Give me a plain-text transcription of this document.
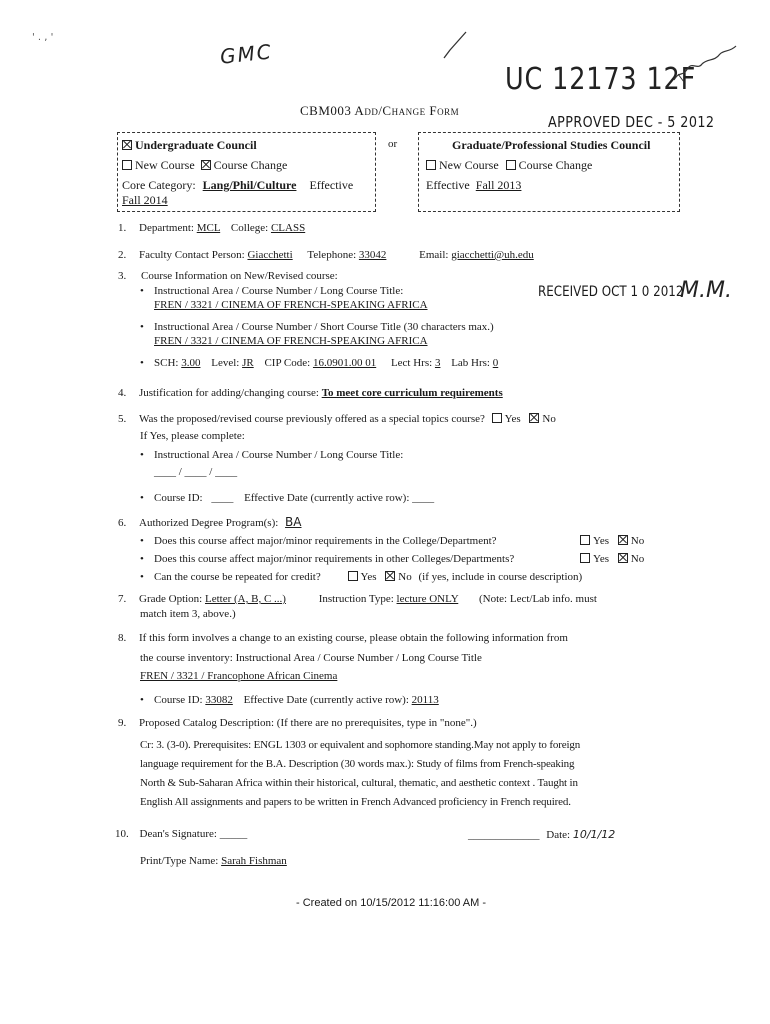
GMC
' . , '
UC 12173 12F
CBM003 Add/Change Form
APPROVED DEC - 5 2012
Undergraduate Council
New Course Course Change
Core Category: Lang/Phil/Culture Effective
Fall 2014
or	Graduate/Professional Studies Council
New Course Course Change
Effective Fall 2013
1. Department: MCL College: CLASS
2. Faculty Contact Person: Giacchetti Telephone: 33042	Email: giacchetti@uh.edu
3. Course Information on New/Revised course:
• Instructional Area / Course Number / Long Course Title:
FREN / 3321 / CINEMA OF FRENCH-SPEAKING AFRICA
RECEIVED OCT 1 0 2012
M.M.
• Instructional Area / Course Number / Short Course Title (30 characters max.)
FREN / 3321 / CINEMA OF FRENCH-SPEAKING AFRICA
• SCH: 3.00 Level: JR CIP Code: 16.0901.00 01 Lect Hrs: 3 Lab Hrs: 0
4. Justification for adding/changing course: To meet core curriculum requirements
5. Was the proposed/revised course previously offered as a special topics course? Yes No
If Yes, please complete:
• Instructional Area / Course Number / Long Course Title:
____ / ____ / ____
• Course ID: ____ Effective Date (currently active row): ____
6. Authorized Degree Program(s): BA
• Does this course affect major/minor requirements in the College/Department?	Yes No
• Does this course affect major/minor requirements in other Colleges/Departments?	Yes No
• Can the course be repeated for credit?	Yes No (if yes, include in course description)
7. Grade Option: Letter (A, B, C ...)	Instruction Type: lecture ONLY (Note: Lect/Lab info. must
match item 3, above.)
8. If this form involves a change to an existing course, please obtain the following information from
the course inventory: Instructional Area / Course Number / Long Course Title
FREN / 3321 / Francophone African Cinema
• Course ID: 33082 Effective Date (currently active row): 20113
9. Proposed Catalog Description: (If there are no prerequisites, type in "none".)
Cr: 3. (3-0). Prerequisites: ENGL 1303 or equivalent and sophomore standing.May not apply to foreign
language requirement for the B.A. Description (30 words max.): Study of films from French-speaking
North & Sub-Saharan Africa within their historical, cultural, thematic, and aesthetic context . Taught in
English All assignments and papers to be written in French Advanced proficiency in French required.
10. Dean's Signature: _____	_____________ Date: 10/1/12
Print/Type Name: Sarah Fishman
- Created on 10/15/2012 11:16:00 AM -
